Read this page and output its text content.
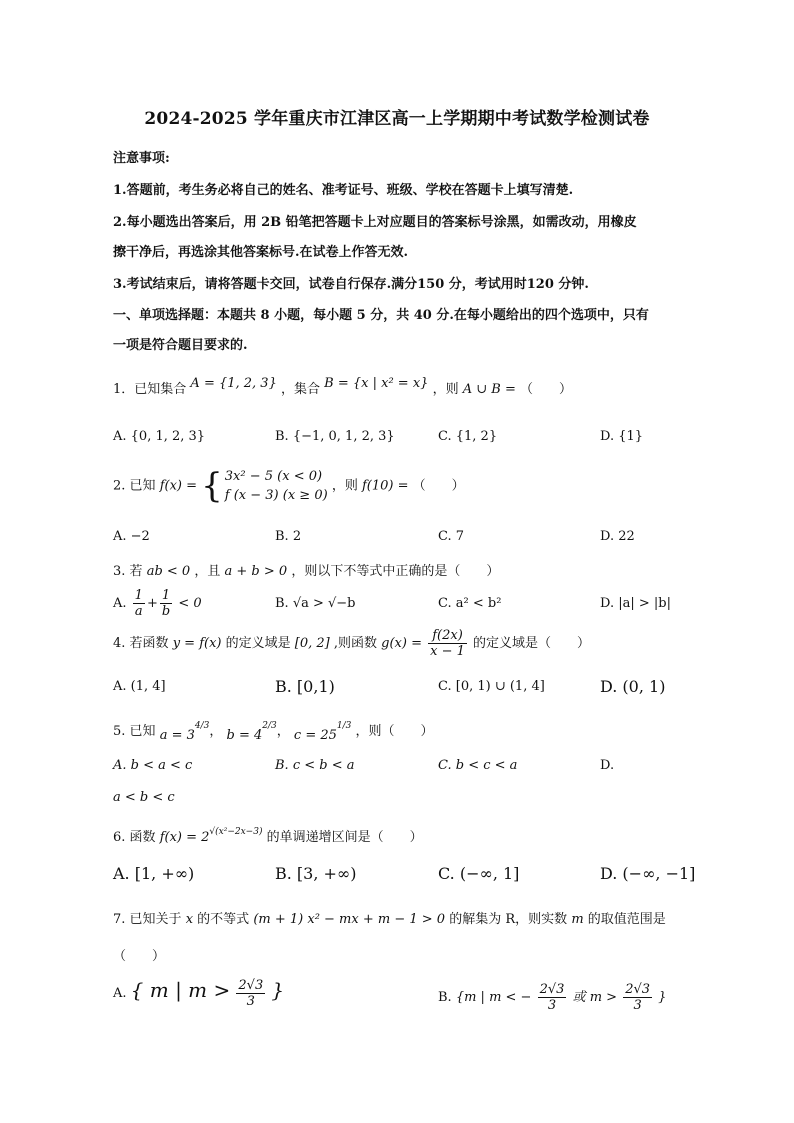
2024-2025 学年重庆市江津区高一上学期期中考试数学检测试卷
注意事项:
1.答题前，考生务必将自己的姓名、准考证号、班级、学校在答题卡上填写清楚.
2.每小题选出答案后，用 2B 铅笔把答题卡上对应题目的答案标号涂黑，如需改动，用橡皮
擦干净后，再选涂其他答案标号.在试卷上作答无效.
3.考试结束后，请将答题卡交回，试卷自行保存.满分150 分，考试用时120 分钟.
一、单项选择题：本题共 8 小题，每小题 5 分，共 40 分.在每小题给出的四个选项中，只有
一项是符合题目要求的.
1．已知集合 A = {1, 2, 3} ，集合 B = {x | x² = x} ，则 A ∪ B = （　　）
A. {0, 1, 2, 3}	B. {−1, 0, 1, 2, 3}	C. {1, 2}	D. {1}
2. 已知 f(x) = { 3x² − 5 (x < 0)
f (x − 3) (x ≥ 0)
，则 f(10) = （　　）
A. −2	B. 2	C. 7	D. 22
3. 若 ab < 0 ，且 a + b > 0 ，则以下不等式中正确的是（　　）
A. $\frac{1}{a} + \frac{1}{b} < 0$	B. √a > √−b	C. a² < b²	D. |a| > |b|
4. 若函数 y = f(x) 的定义域是 [0, 2] ,则函数 $g(x) = \frac{f(2x)}{x - 1}$ 的定义域是（　　）
A. (1, 4]	B. [0,1)	C. [0, 1) ∪ (1, 4]	D. (0, 1)
5. 已知 $a = 3^{4/3}$， $b = 4^{2/3}$， $c = 25^{1/3}$ ，则（　　）
A. b < a < c	B. c < b < a	C. b < c < a	D.
a < b < c
6. 函数 $f(x) = 2^{√(x^2-2x-3)}$ 的单调递增区间是（　　）
A. [1, +∞)	B. [3, +∞)	C. (−∞, 1]	D. (−∞, −1]
7. 已知关于 x 的不等式 (m + 1) x² − mx + m − 1 > 0 的解集为 R，则实数 m 的取值范围是
（　　）
A. { m | $m > \frac{2√3}{3}$ }	B. {m | m < − $\frac{2√3}{3}$ 或 $m > \frac{2√3}{3}$ }
